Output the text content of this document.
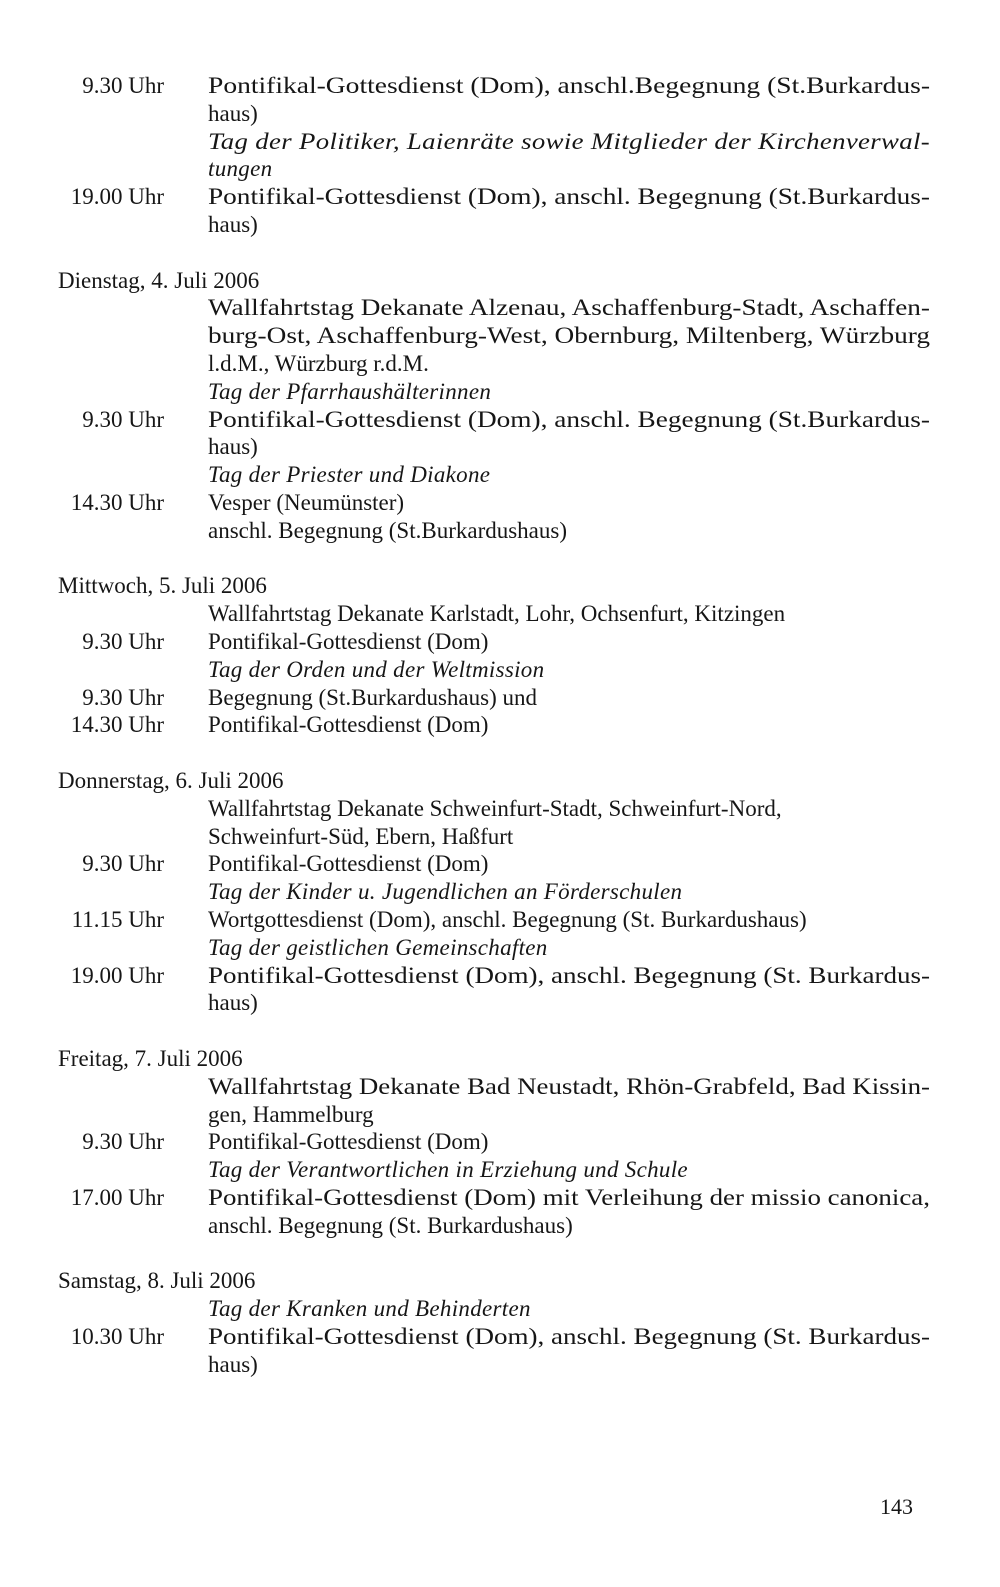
9.30 Uhr Pontifikal-Gottesdienst (Dom), anschl.Begegnung (St.Burkardus-
haus)
Tag der Politiker, Laienräte sowie Mitglieder der Kirchenverwal-
tungen
19.00 Uhr Pontifikal-Gottesdienst (Dom), anschl. Begegnung (St.Burkardus-
haus)
Dienstag, 4. Juli 2006
Wallfahrtstag Dekanate Alzenau, Aschaffenburg-Stadt, Aschaffen-
burg-Ost, Aschaffenburg-West, Obernburg, Miltenberg, Würzburg
l.d.M., Würzburg r.d.M.
Tag der Pfarrhaushälterinnen
9.30 Uhr Pontifikal-Gottesdienst (Dom), anschl. Begegnung (St.Burkardus-
haus)
Tag der Priester und Diakone
14.30 Uhr Vesper (Neumünster)
anschl. Begegnung (St.Burkardushaus)
Mittwoch, 5. Juli 2006
Wallfahrtstag Dekanate Karlstadt, Lohr, Ochsenfurt, Kitzingen
9.30 Uhr Pontifikal-Gottesdienst (Dom)
Tag der Orden und der Weltmission
9.30 Uhr Begegnung (St.Burkardushaus) und
14.30 Uhr Pontifikal-Gottesdienst (Dom)
Donnerstag, 6. Juli 2006
Wallfahrtstag Dekanate Schweinfurt-Stadt, Schweinfurt-Nord,
Schweinfurt-Süd, Ebern, Haßfurt
9.30 Uhr Pontifikal-Gottesdienst (Dom)
Tag der Kinder u. Jugendlichen an Förderschulen
11.15 Uhr Wortgottesdienst (Dom), anschl. Begegnung (St. Burkardushaus)
Tag der geistlichen Gemeinschaften
19.00 Uhr Pontifikal-Gottesdienst (Dom), anschl. Begegnung (St. Burkardus-
haus)
Freitag, 7. Juli 2006
Wallfahrtstag Dekanate Bad Neustadt, Rhön-Grabfeld, Bad Kissin-
gen, Hammelburg
9.30 Uhr Pontifikal-Gottesdienst (Dom)
Tag der Verantwortlichen in Erziehung und Schule
17.00 Uhr Pontifikal-Gottesdienst (Dom) mit Verleihung der missio canonica,
anschl. Begegnung (St. Burkardushaus)
Samstag, 8. Juli 2006
Tag der Kranken und Behinderten
10.30 Uhr Pontifikal-Gottesdienst (Dom), anschl. Begegnung (St. Burkardus-
haus)
143
